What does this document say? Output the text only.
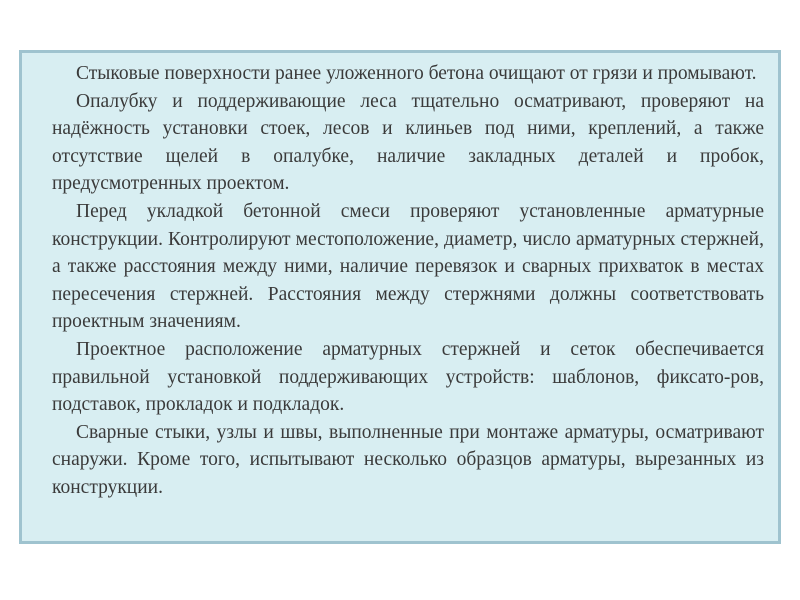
Стыковые поверхности ранее уложенного бетона очищают от грязи и промывают.

Опалубку и поддерживающие леса тщательно осматривают, проверяют на надёжность установки стоек, лесов и клиньев под ними, креплений, а также отсутствие щелей в опалубке, наличие закладных деталей и пробок, предусмотренных проектом.

Перед укладкой бетонной смеси проверяют установленные арматурные конструкции. Контролируют местоположение, диаметр, число арматурных стержней, а также расстояния между ними, наличие перевязок и сварных прихваток в местах пересечения стержней. Расстояния между стержнями должны соответствовать проектным значениям.

Проектное расположение арматурных стержней и сеток обеспечивается правильной установкой поддерживающих устройств: шаблонов, фиксато-ров, подставок, прокладок и подкладок.

Сварные стыки, узлы и швы, выполненные при монтаже арматуры, осматривают снаружи. Кроме того, испытывают несколько образцов арматуры, вырезанных из конструкции.
